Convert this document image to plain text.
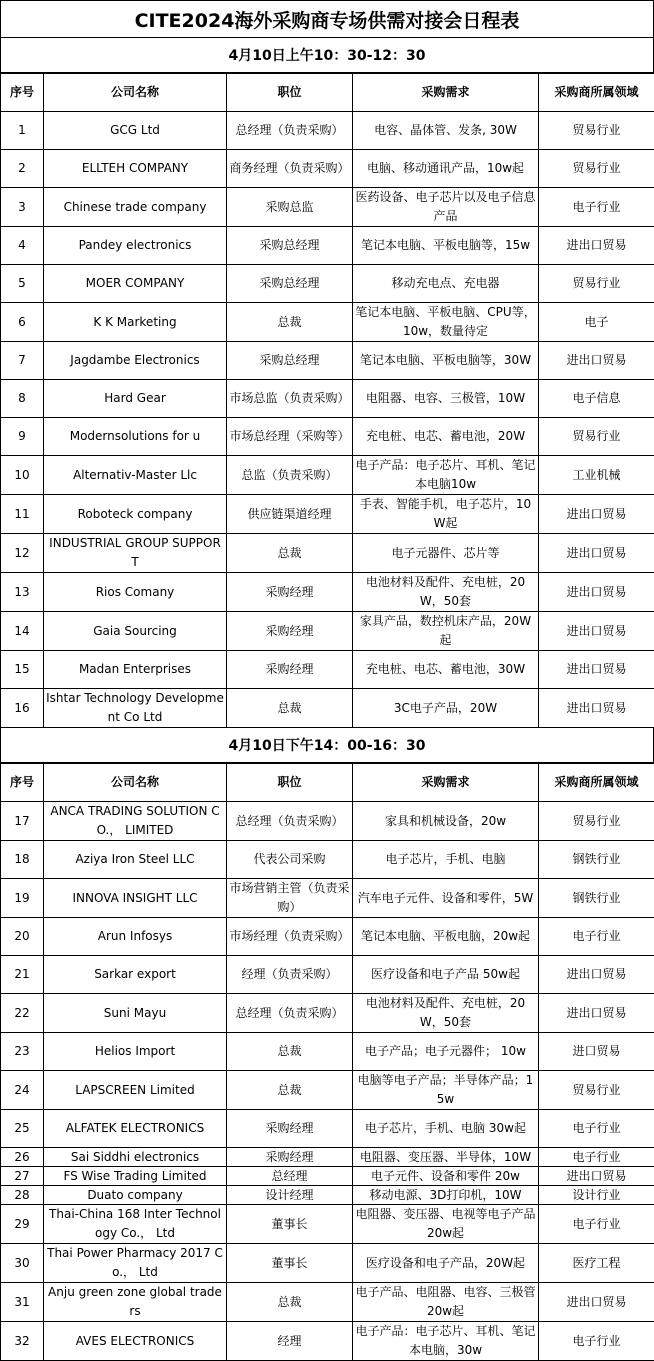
CITE2024海外采购商专场供需对接会日程表
4月10日上午10：30-12：30
序号	公司名称	职位	采购需求	采购商所属领域
1	GCG Ltd	总经理（负责采购）	电容、晶体管、发条, 30W	贸易行业
2	ELLTEH COMPANY	商务经理（负责采购）	电脑、移动通讯产品，10w起	贸易行业
3	Chinese trade company	采购总监	医药设备、电子芯片以及电子信息产品	电子行业
4	Pandey electronics	采购总经理	笔记本电脑、平板电脑等，15w	进出口贸易
5	MOER COMPANY	采购总经理	移动充电点、充电器	贸易行业
6	K K Marketing	总裁	笔记本电脑、平板电脑、CPU等，10w，数量待定	电子
7	Jagdambe Electronics	采购总经理	笔记本电脑、平板电脑等，30W	进出口贸易
8	Hard Gear	市场总监（负责采购）	电阻器、电容、三极管，10W	电子信息
9	Modernsolutions for u	市场总经理（采购等）	充电桩、电芯、蓄电池，20W	贸易行业
10	Alternativ-Master Llc	总监（负责采购）	电子产品：电子芯片、耳机、笔记本电脑10w	工业机械
11	Roboteck company	供应链渠道经理	手表、智能手机，电子芯片，10W起	进出口贸易
12	INDUSTRIAL GROUP SUPPORT	总裁	电子元器件、芯片等	进出口贸易
13	Rios Comany	采购经理	电池材料及配件、充电桩，20W，50套	进出口贸易
14	Gaia Sourcing	采购经理	家具产品，数控机床产品，20W起	进出口贸易
15	Madan Enterprises	采购经理	充电桩、电芯、蓄电池，30W	进出口贸易
16	Ishtar Technology Development Co Ltd	总裁	3C电子产品，20W	进出口贸易
4月10日下午14：00-16：30
序号	公司名称	职位	采购需求	采购商所属领域
17	ANCA TRADING SOLUTION CO.， LIMITED	总经理（负责采购）	家具和机械设备，20w	贸易行业
18	Aziya Iron Steel LLC	代表公司采购	电子芯片，手机、电脑	钢铁行业
19	INNOVA INSIGHT LLC	市场营销主管（负责采购）	汽车电子元件、设备和零件，5W	钢铁行业
20	Arun Infosys	市场经理（负责采购）	笔记本电脑、平板电脑，20w起	电子行业
21	Sarkar export	经理（负责采购）	医疗设备和电子产品 50w起	进出口贸易
22	Suni Mayu	总经理（负责采购）	电池材料及配件、充电桩，20W，50套	进出口贸易
23	Helios Import	总裁	电子产品；电子元器件； 10w	进口贸易
24	LAPSCREEN Limited	总裁	电脑等电子产品；半导体产品；15w	贸易行业
25	ALFATEK ELECTRONICS	采购经理	电子芯片，手机、电脑 30w起	电子行业
26	Sai Siddhi electronics	采购经理	电阻器、变压器、半导体，10W	电子行业
27	FS Wise Trading Limited	总经理	电子元件、设备和零件 20w	进出口贸易
28	Duato company	设计经理	移动电源、3D打印机，10W	设计行业
29	Thai-China 168 Inter Technology Co.， Ltd	董事长	电阻器、变压器、电视等电子产品20w起	电子行业
30	Thai Power Pharmacy 2017 Co.， Ltd	董事长	医疗设备和电子产品，20W起	医疗工程
31	Anju green zone global traders	总裁	电子产品、电阻器、电容、三极管20w起	进出口贸易
32	AVES ELECTRONICS	经理	电子产品：电子芯片、耳机、笔记本电脑，30w	电子行业
